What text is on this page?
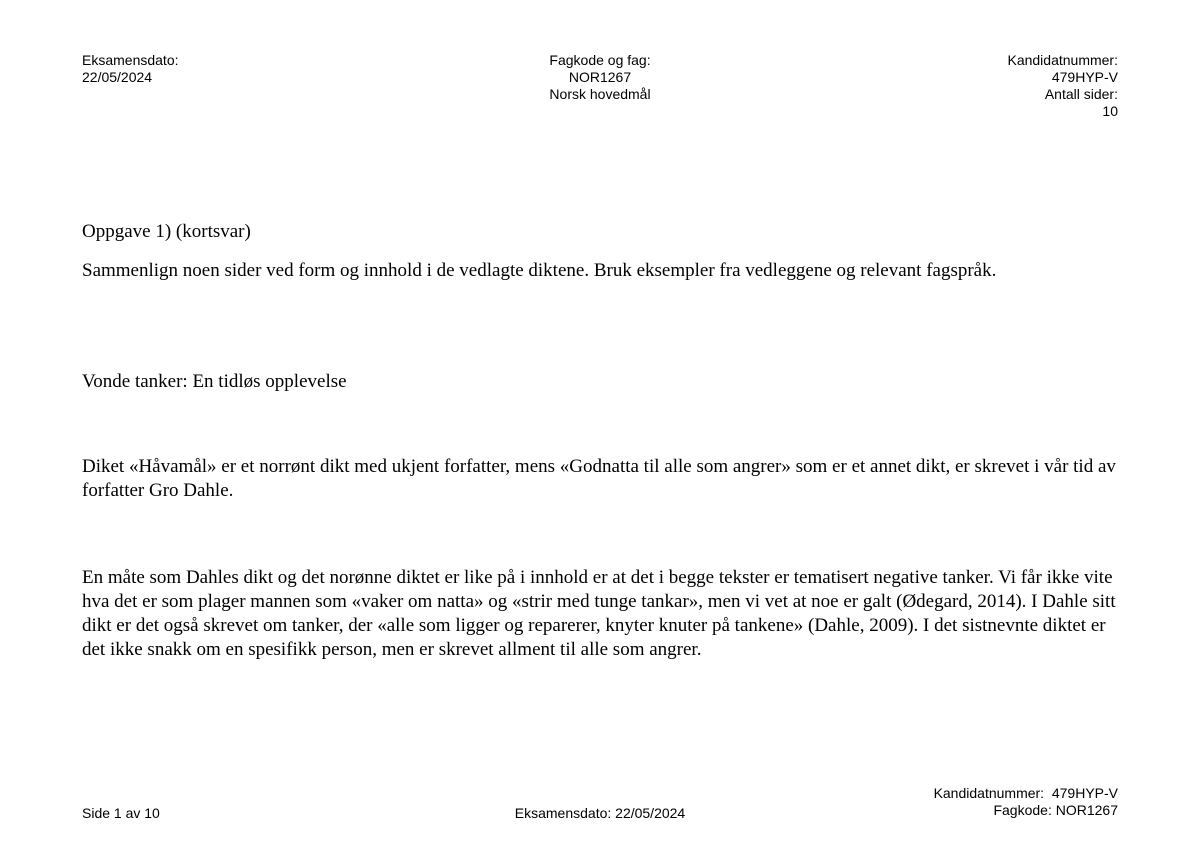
Eksamensdato:
22/05/2024
Fagkode og fag:
NOR1267
Norsk hovedmål
Kandidatnummer:
479HYP-V
Antall sider:
10
Oppgave 1) (kortsvar)
Sammenlign noen sider ved form og innhold i de vedlagte diktene. Bruk eksempler fra vedleggene og relevant fagspråk.
Vonde tanker: En tidløs opplevelse
Diket «Håvamål» er et norrønt dikt med ukjent forfatter, mens «Godnatta til alle som angrer» som er et annet dikt, er skrevet i vår tid av forfatter Gro Dahle.
En måte som Dahles dikt og det norønne diktet er like på i innhold er at det i begge tekster er tematisert negative tanker. Vi får ikke vite hva det er som plager mannen som «vaker om natta» og «strir med tunge tankar», men vi vet at noe er galt (Ødegard, 2014). I Dahle sitt dikt er det også skrevet om tanker, der «alle som ligger og reparerer, knyter knuter på tankene» (Dahle, 2009). I det sistnevnte diktet er det ikke snakk om en spesifikk person, men er skrevet allment til alle som angrer.
Side 1 av 10	Eksamensdato: 22/05/2024
Kandidatnummer:  479HYP-V
Fagkode: NOR1267
